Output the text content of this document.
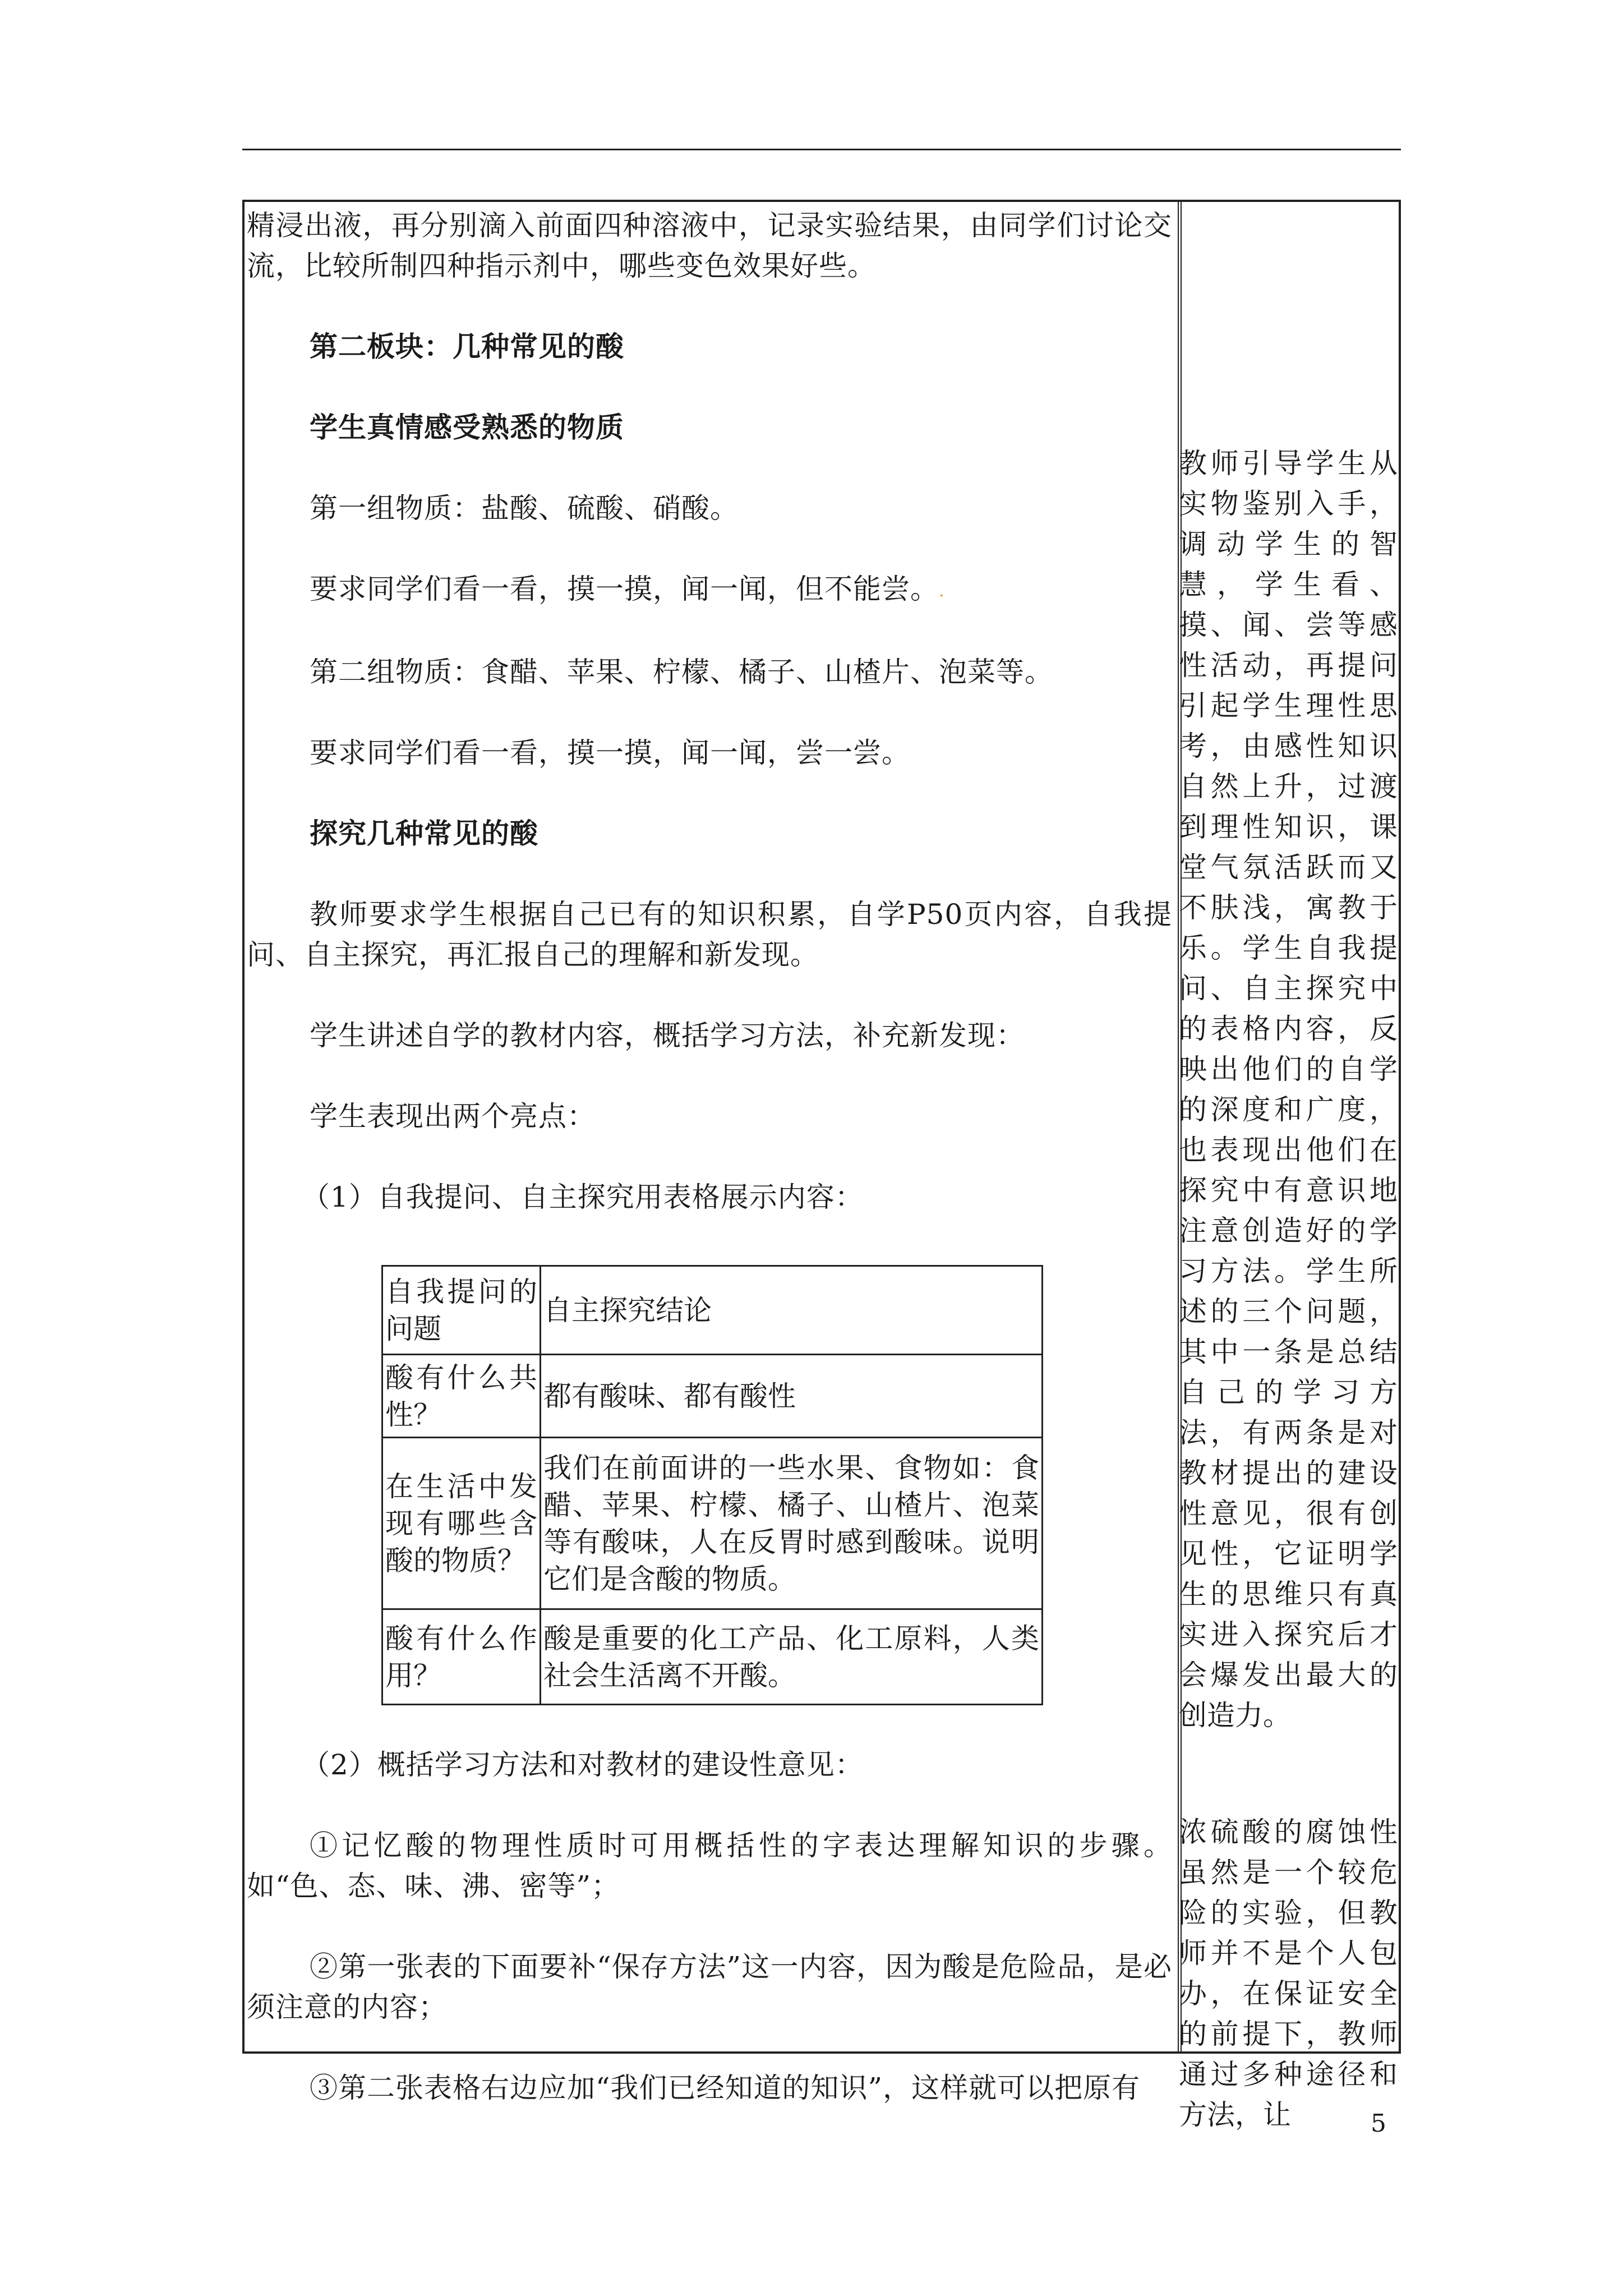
精浸出液，再分别滴入前面四种溶液中，记录实验结果，由同学们讨论交流，比较所制四种指示剂中，哪些变色效果好些。

第二板块：几种常见的酸

学生真情感受熟悉的物质

第一组物质：盐酸、硫酸、硝酸。

要求同学们看一看，摸一摸，闻一闻，但不能尝。.

第二组物质：食醋、苹果、柠檬、橘子、山楂片、泡菜等。

要求同学们看一看，摸一摸，闻一闻，尝一尝。

探究几种常见的酸

教师要求学生根据自己已有的知识积累，自学P50页内容，自我提问、自主探究，再汇报自己的理解和新发现。

学生讲述自学的教材内容，概括学习方法，补充新发现：

学生表现出两个亮点：

（1）自我提问、自主探究用表格展示内容：

自我提问的问题	自主探究结论
酸有什么共性？	都有酸味、都有酸性
在生活中发现有哪些含酸的物质？	我们在前面讲的一些水果、食物如：食醋、苹果、柠檬、橘子、山楂片、泡菜等有酸味，人在反胃时感到酸味。说明它们是含酸的物质。
酸有什么作用？	酸是重要的化工产品、化工原料，人类社会生活离不开酸。

（2）概括学习方法和对教材的建设性意见：

①记忆酸的物理性质时可用概括性的字表达理解知识的步骤。如“色、态、味、沸、密等”；

②第一张表的下面要补“保存方法”这一内容，因为酸是危险品，是必须注意的内容；

③第二张表格右边应加“我们已经知道的知识”，这样就可以把原有

教师引导学生从实物鉴别入手，调动学生的智慧，学生看、摸、闻、尝等感性活动，再提问引起学生理性思考，由感性知识自然上升，过渡到理性知识，课堂气氛活跃而又不肤浅，寓教于乐。学生自我提问、自主探究中的表格内容，反映出他们的自学的深度和广度，也表现出他们在探究中有意识地注意创造好的学习方法。学生所述的三个问题，其中一条是总结自己的学习方法，有两条是对教材提出的建设性意见，很有创见性，它证明学生的思维只有真实进入探究后才会爆发出最大的创造力。
浓硫酸的腐蚀性虽然是一个较危险的实验，但教师并不是个人包办，在保证安全的前提下，教师通过多种途径和方法，让	5
